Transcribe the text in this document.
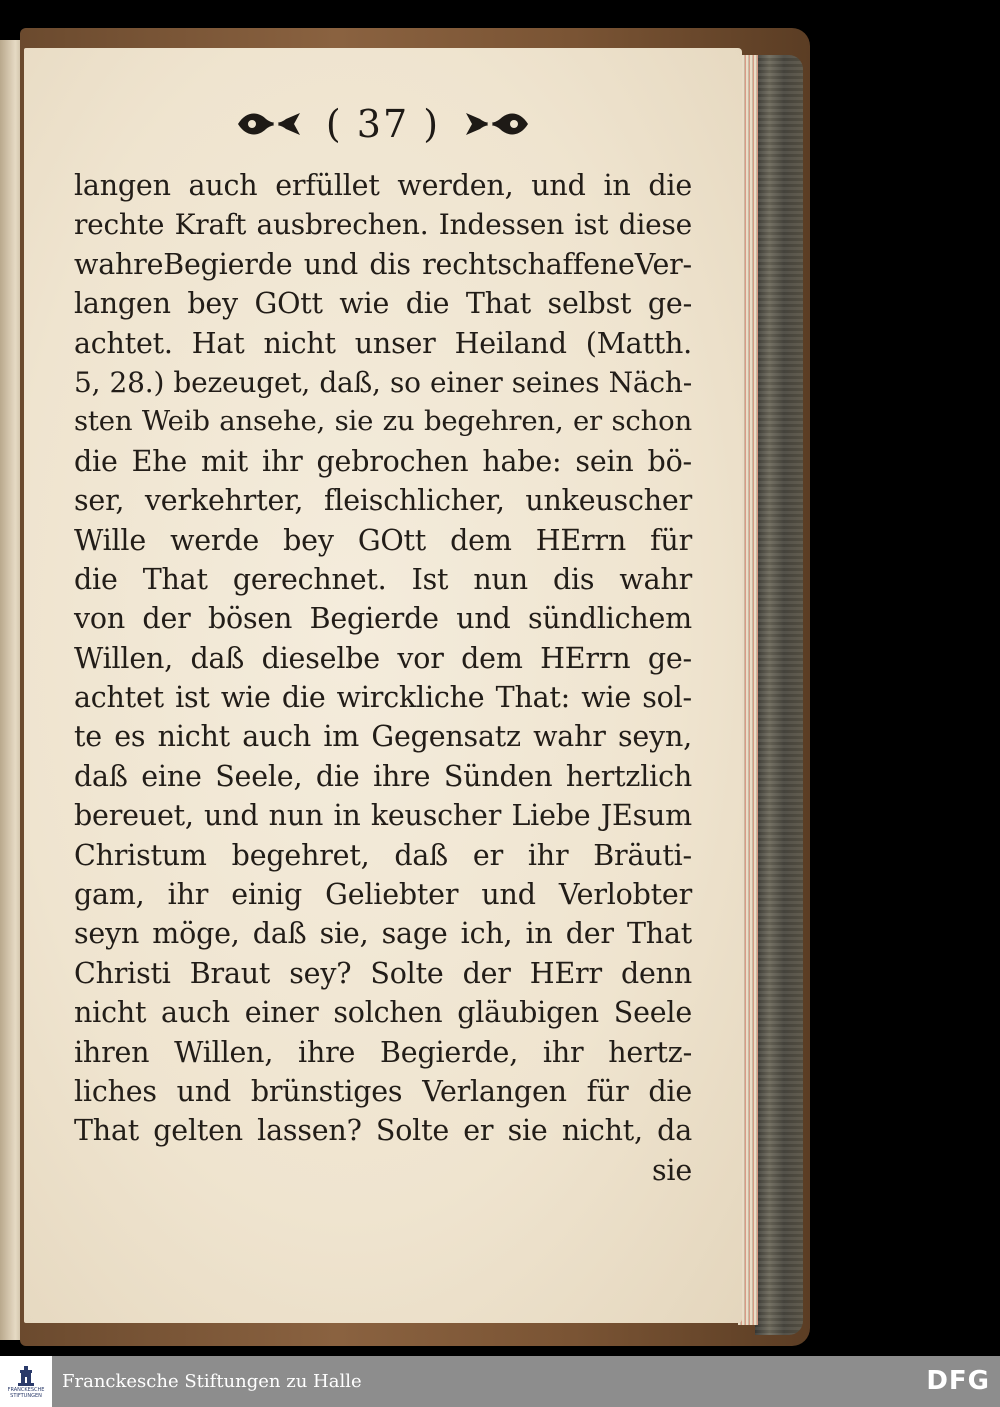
( 37 )
langen auch erfüllet werden, und in die
rechte Kraft ausbrechen. Indessen ist diese
wahreBegierde und dis rechtschaffeneVer-
langen bey GOtt wie die That selbst ge-
achtet. Hat nicht unser Heiland (Matth.
5, 28.) bezeuget, daß, so einer seines Näch-
sten Weib ansehe, sie zu begehren, er schon
die Ehe mit ihr gebrochen habe: sein bö-
ser, verkehrter, fleischlicher, unkeuscher
Wille werde bey GOtt dem HErrn für
die That gerechnet. Ist nun dis wahr
von der bösen Begierde und sündlichem
Willen, daß dieselbe vor dem HErrn ge-
achtet ist wie die wirckliche That: wie sol-
te es nicht auch im Gegensatz wahr seyn,
daß eine Seele, die ihre Sünden hertzlich
bereuet, und nun in keuscher Liebe JEsum
Christum begehret, daß er ihr Bräuti-
gam, ihr einig Geliebter und Verlobter
seyn möge, daß sie, sage ich, in der That
Christi Braut sey? Solte der HErr denn
nicht auch einer solchen gläubigen Seele
ihren Willen, ihre Begierde, ihr hertz-
liches und brünstiges Verlangen für die
That gelten lassen? Solte er sie nicht, da
sie
FRANCKESCHE
STIFTUNGEN
Franckesche Stiftungen zu Halle	DFG
